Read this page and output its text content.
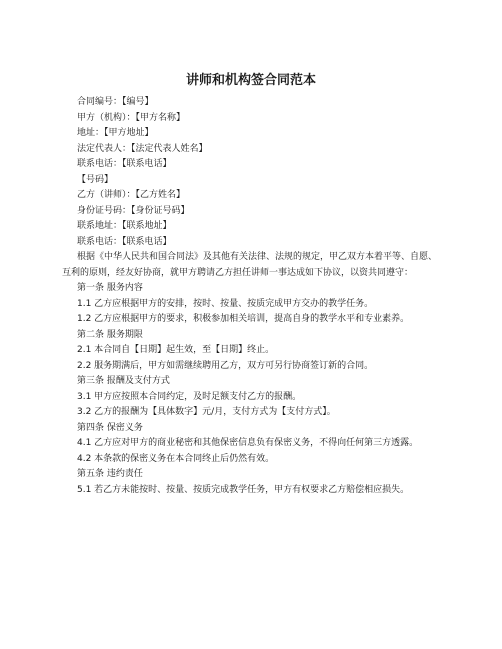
讲师和机构签合同范本
合同编号：【编号】
甲方（机构）：【甲方名称】
地址：【甲方地址】
法定代表人：【法定代表人姓名】
联系电话：【联系电话】
【号码】
乙方（讲师）：【乙方姓名】
身份证号码：【身份证号码】
联系地址：【联系地址】
联系电话：【联系电话】
根据《中华人民共和国合同法》及其他有关法律、法规的规定，甲乙双方本着平等、自愿、互利的原则，经友好协商，就甲方聘请乙方担任讲师一事达成如下协议，以资共同遵守：
第一条 服务内容
1.1 乙方应根据甲方的安排，按时、按量、按质完成甲方交办的教学任务。
1.2 乙方应根据甲方的要求，积极参加相关培训，提高自身的教学水平和专业素养。
第二条 服务期限
2.1 本合同自【日期】起生效，至【日期】终止。
2.2 服务期满后，甲方如需继续聘用乙方，双方可另行协商签订新的合同。
第三条 报酬及支付方式
3.1 甲方应按照本合同约定，及时足额支付乙方的报酬。
3.2 乙方的报酬为【具体数字】元/月，支付方式为【支付方式】。
第四条 保密义务
4.1 乙方应对甲方的商业秘密和其他保密信息负有保密义务，不得向任何第三方透露。
4.2 本条款的保密义务在本合同终止后仍然有效。
第五条 违约责任
5.1 若乙方未能按时、按量、按质完成教学任务，甲方有权要求乙方赔偿相应损失。
